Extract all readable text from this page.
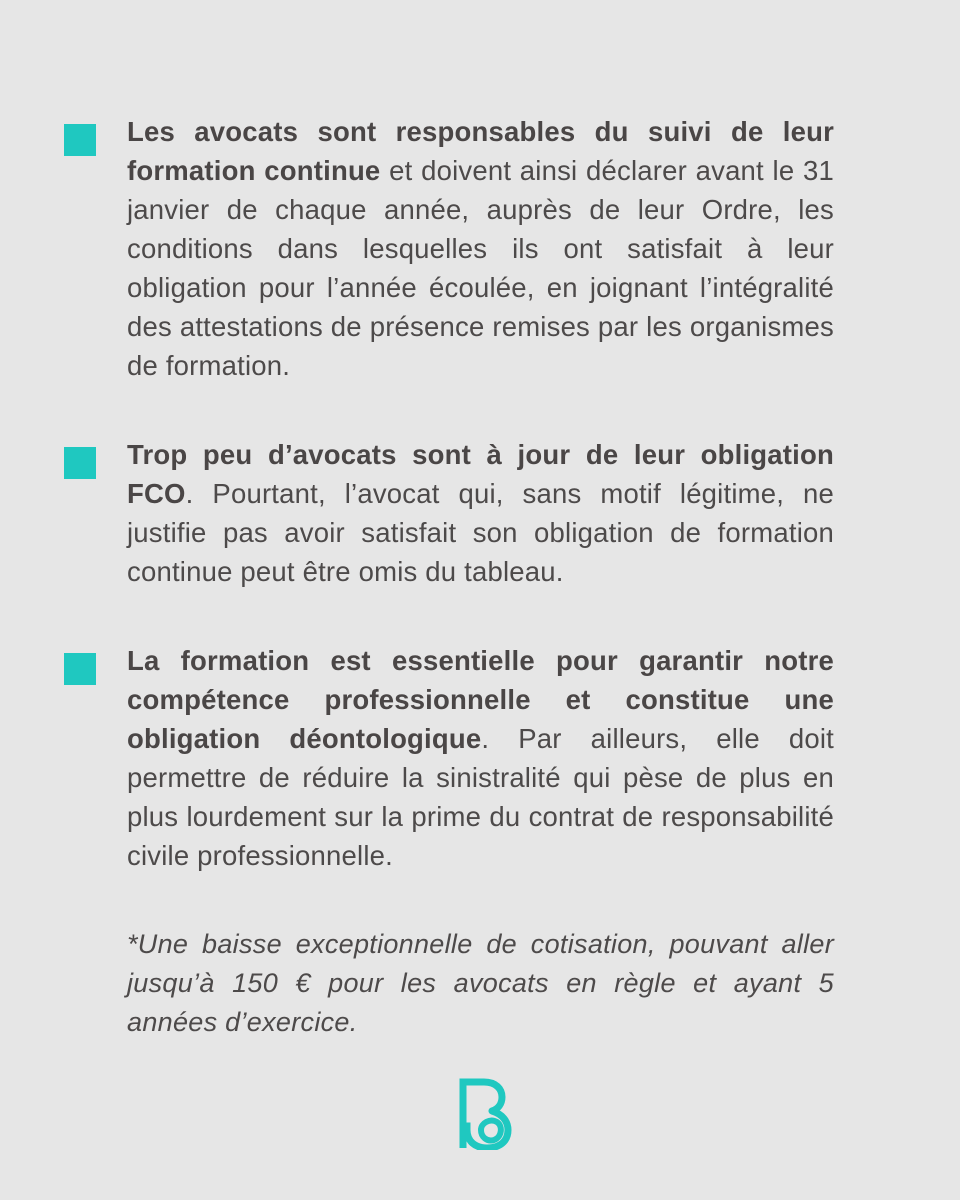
Les avocats sont responsables du suivi de leur formation continue et doivent ainsi déclarer avant le 31 janvier de chaque année, auprès de leur Ordre, les conditions dans lesquelles ils ont satisfait à leur obligation pour l’année écoulée, en joignant l’intégralité des attestations de présence remises par les organismes de formation.

Trop peu d’avocats sont à jour de leur obligation FCO. Pourtant, l’avocat qui, sans motif légitime, ne justifie pas avoir satisfait son obligation de formation continue peut être omis du tableau.

La formation est essentielle pour garantir notre compétence professionnelle et constitue une obligation déontologique. Par ailleurs, elle doit permettre de réduire la sinistralité qui pèse de plus en plus lourdement sur la prime du contrat de responsabilité civile professionnelle.

*Une baisse exceptionnelle de cotisation, pouvant aller jusqu’à 150 € pour les avocats en règle et ayant 5 années d’exercice.
